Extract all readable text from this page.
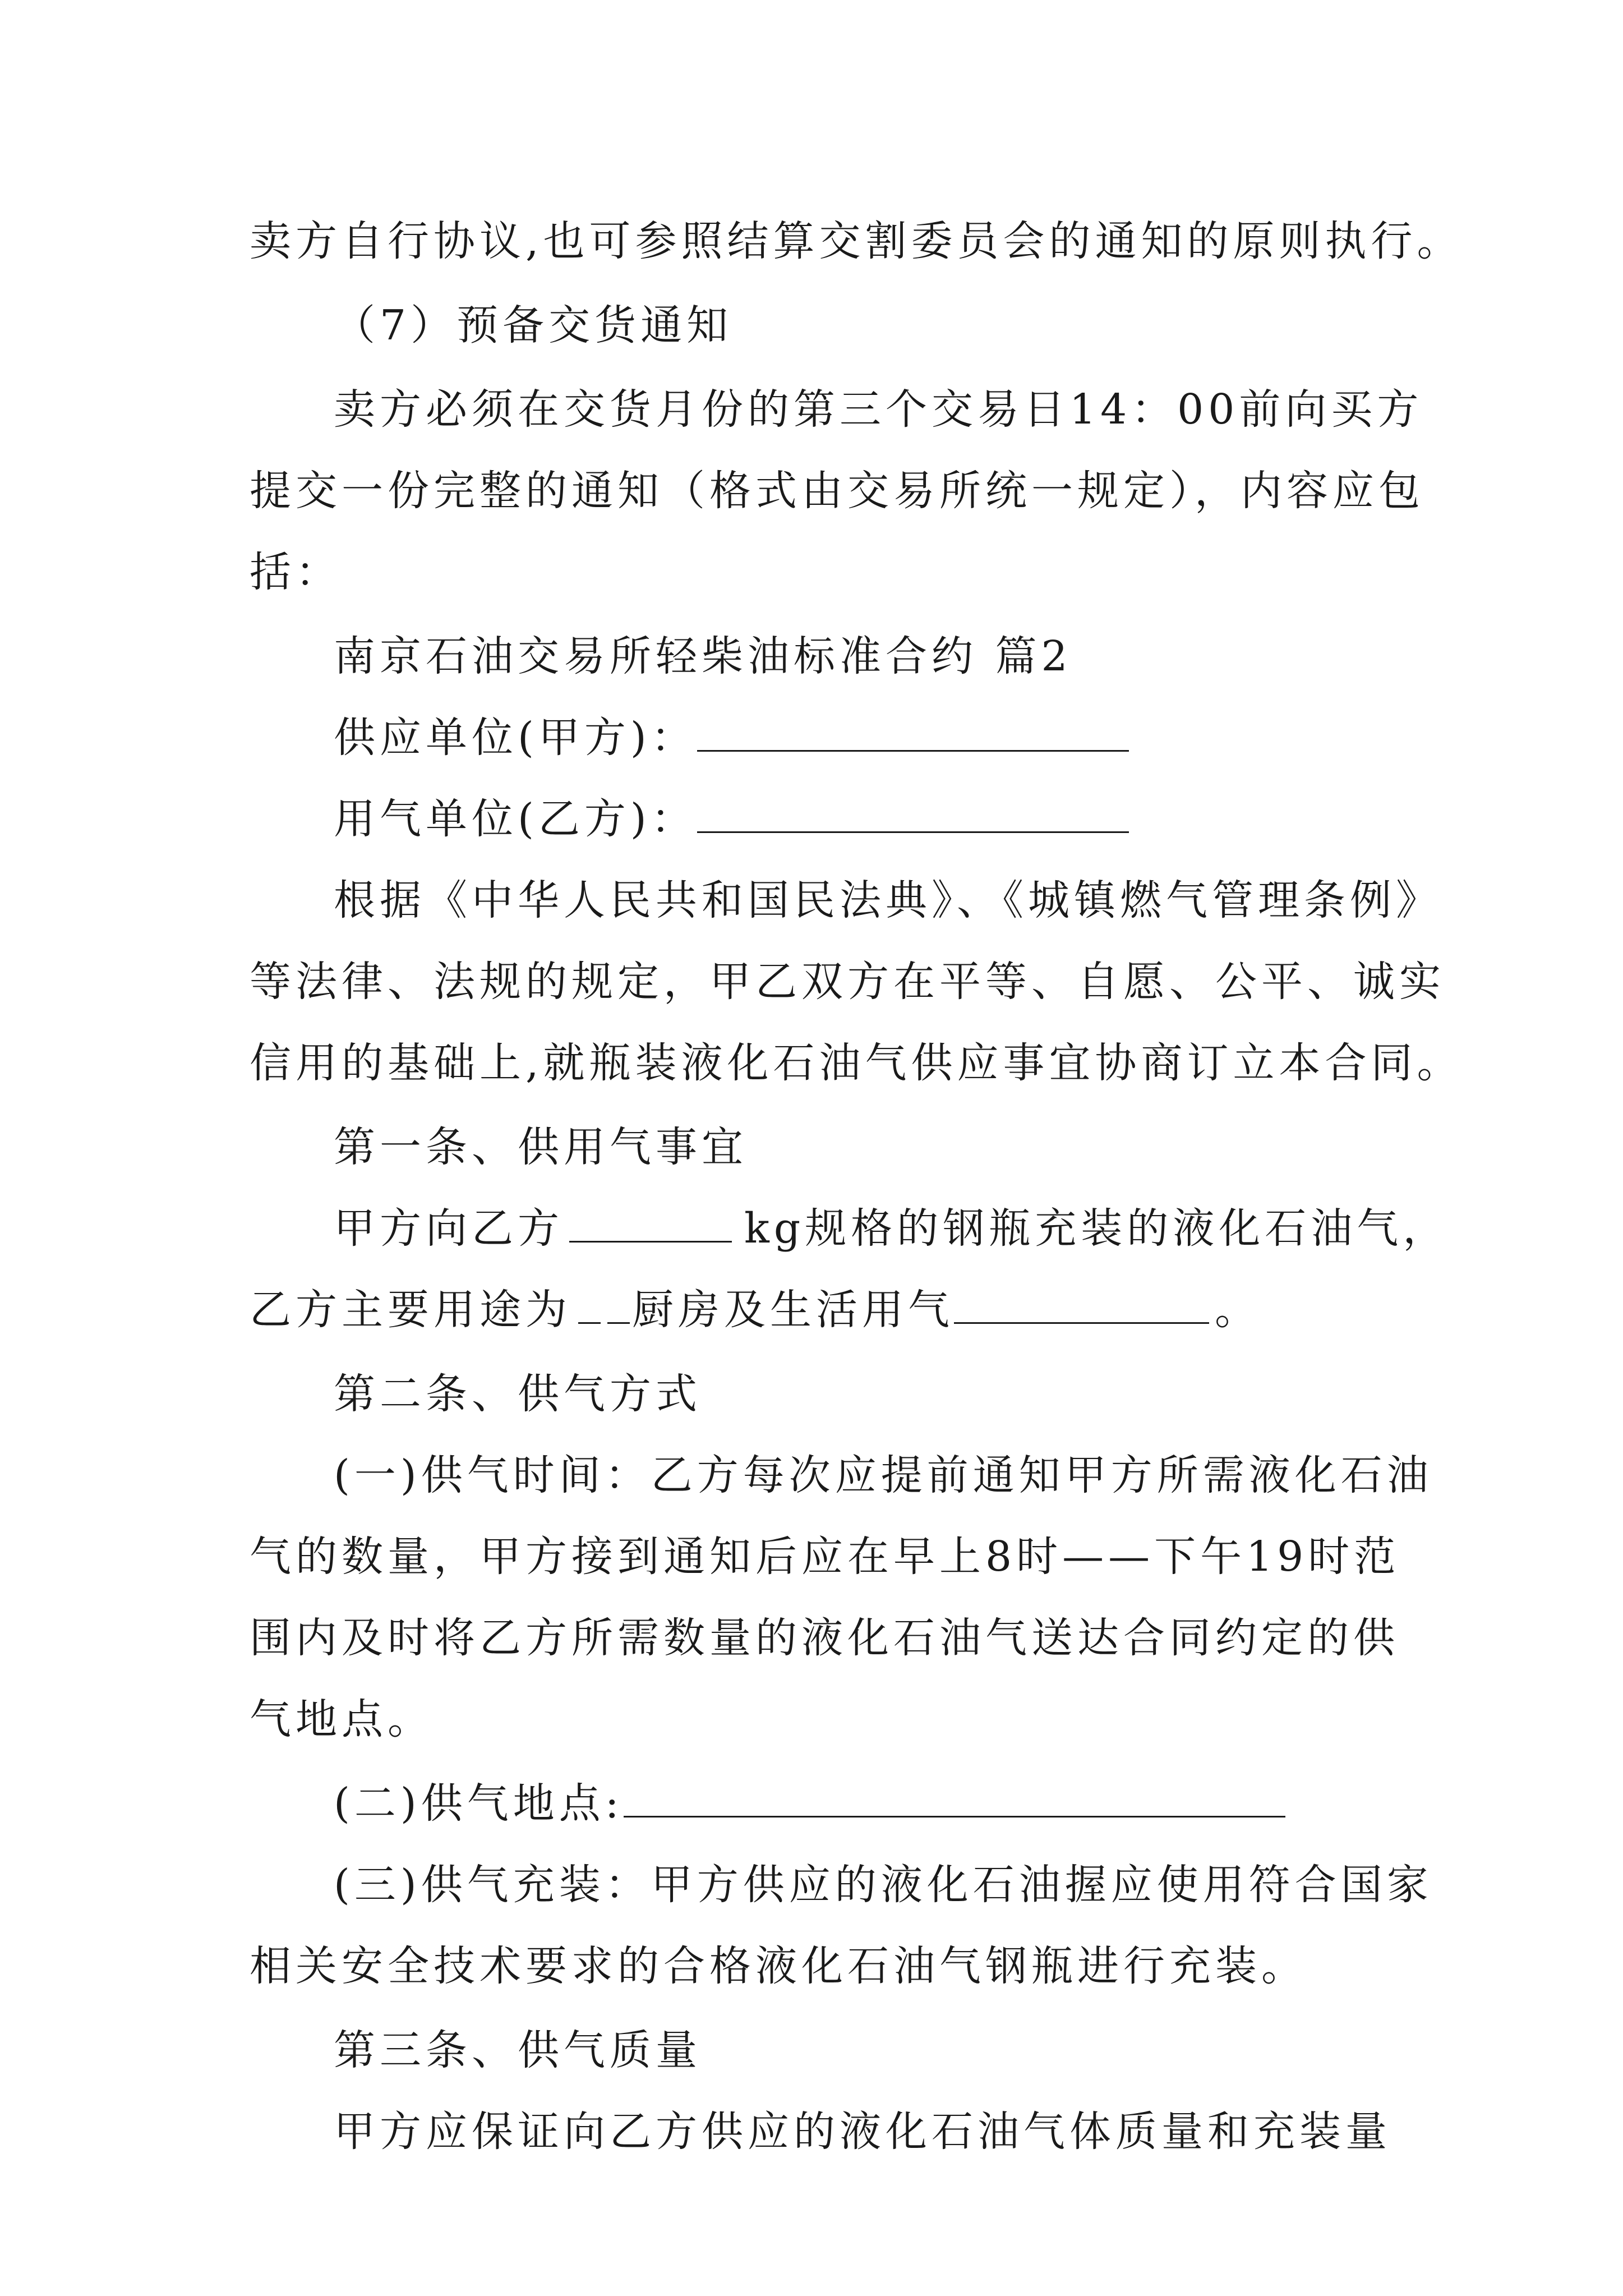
卖方自行协议,也可参照结算交割委员会的通知的原则执行。
（7）预备交货通知
卖方必须在交货月份的第三个交易日14：00前向买方
提交一份完整的通知（格式由交易所统一规定），内容应包
括：
南京石油交易所轻柴油标准合约 篇2
供应单位(甲方)：
用气单位(乙方)：
根据《中华人民共和国民法典》、《城镇燃气管理条例》
等法律、法规的规定，甲乙双方在平等、自愿、公平、诚实
信用的基础上,就瓶装液化石油气供应事宜协商订立本合同。
第一条、供用气事宜
甲方向乙方	kg规格的钢瓶充装的液化石油气，
乙方主要用途为 厨房及生活用气	。
第二条、供气方式
(一)供气时间：乙方每次应提前通知甲方所需液化石油
气的数量，甲方接到通知后应在早上8时——下午19时范
围内及时将乙方所需数量的液化石油气送达合同约定的供
气地点。
(二)供气地点:
(三)供气充装：甲方供应的液化石油握应使用符合国家
相关安全技术要求的合格液化石油气钢瓶进行充装。
第三条、供气质量
甲方应保证向乙方供应的液化石油气体质量和充装量
